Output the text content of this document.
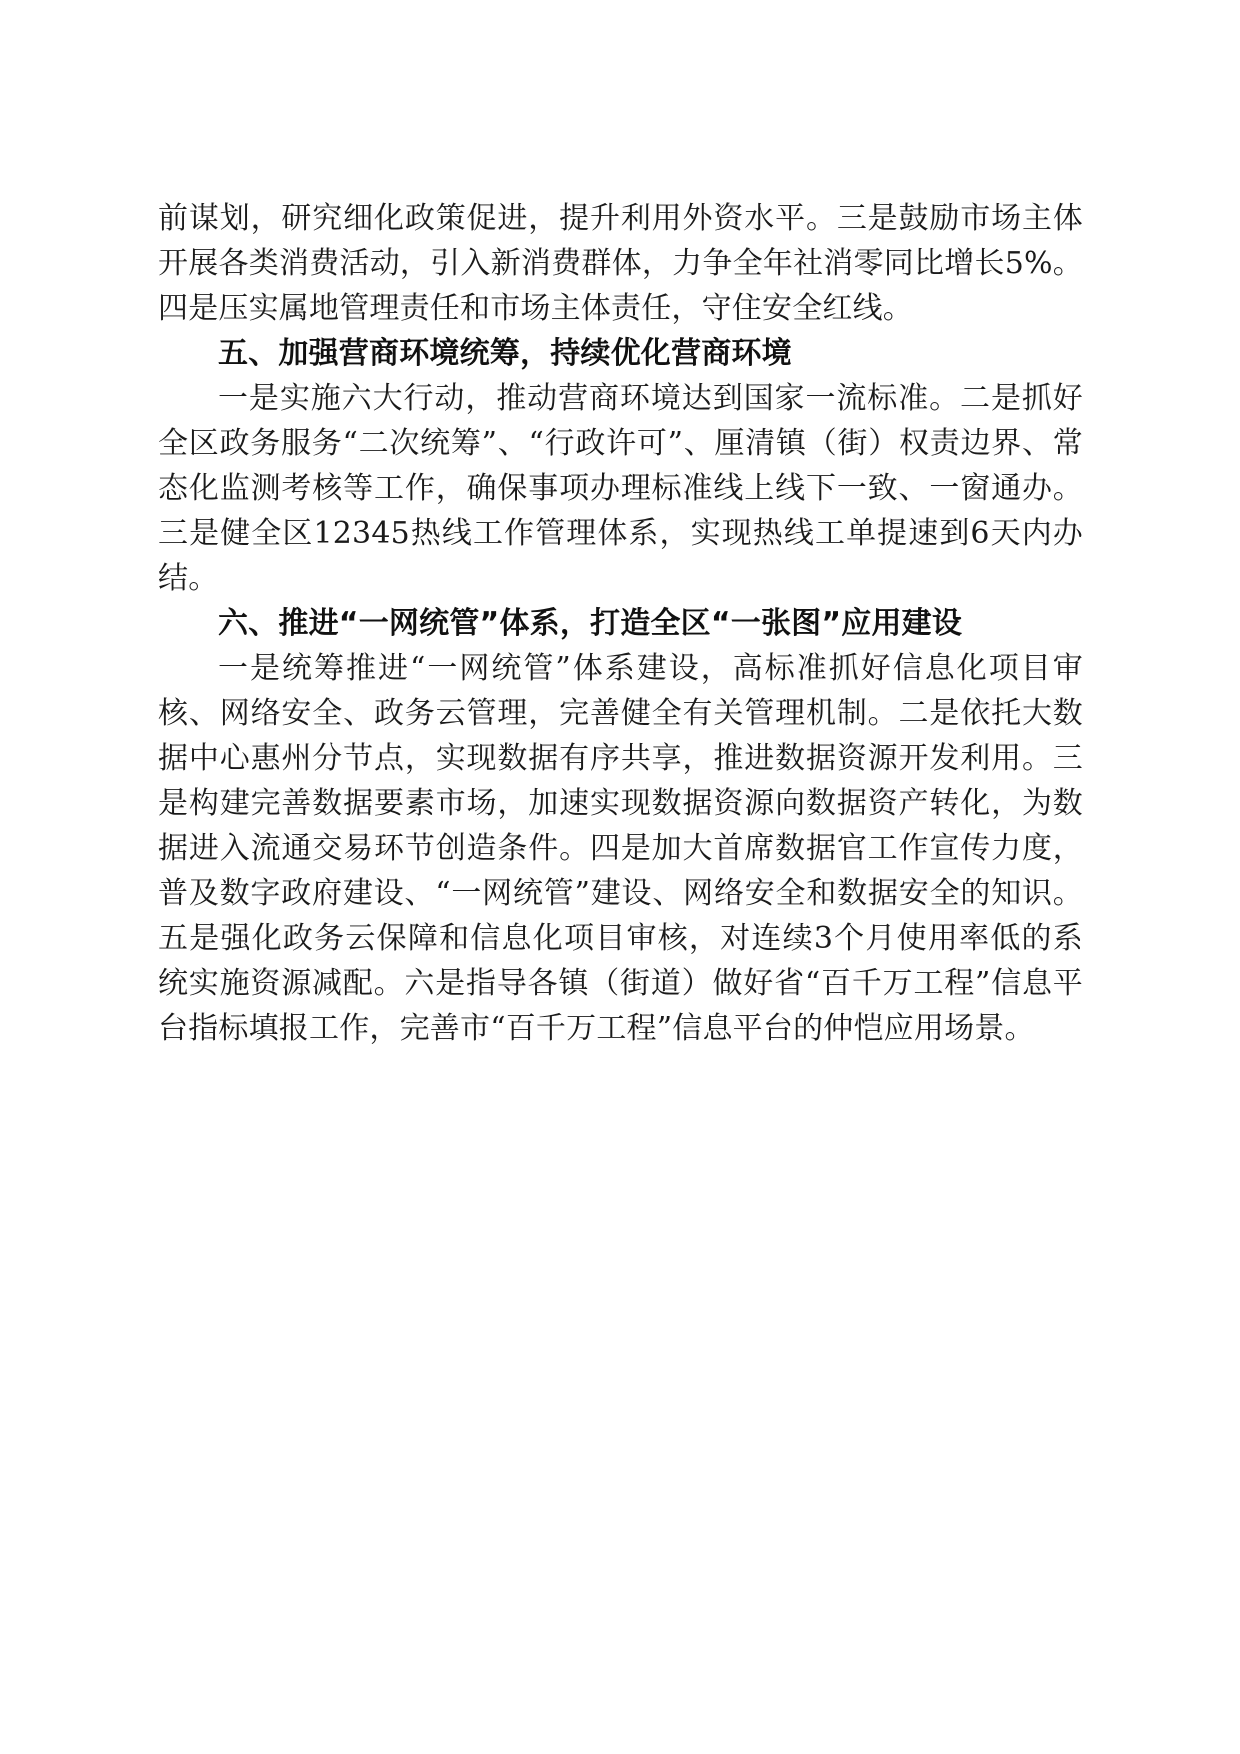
前谋划，研究细化政策促进，提升利用外资水平。三是鼓励市场主体开展各类消费活动，引入新消费群体，力争全年社消零同比增长5%。四是压实属地管理责任和市场主体责任，守住安全红线。

五、加强营商环境统筹，持续优化营商环境

一是实施六大行动，推动营商环境达到国家一流标准。二是抓好全区政务服务“二次统筹”、“行政许可”、厘清镇（街）权责边界、常态化监测考核等工作，确保事项办理标准线上线下一致、一窗通办。三是健全区12345热线工作管理体系，实现热线工单提速到6天内办结。

六、推进“一网统管”体系，打造全区“一张图”应用建设

一是统筹推进“一网统管”体系建设，高标准抓好信息化项目审核、网络安全、政务云管理，完善健全有关管理机制。二是依托大数据中心惠州分节点，实现数据有序共享，推进数据资源开发利用。三是构建完善数据要素市场，加速实现数据资源向数据资产转化，为数据进入流通交易环节创造条件。四是加大首席数据官工作宣传力度，普及数字政府建设、“一网统管”建设、网络安全和数据安全的知识。五是强化政务云保障和信息化项目审核，对连续3个月使用率低的系统实施资源减配。六是指导各镇（街道）做好省“百千万工程”信息平台指标填报工作，完善市“百千万工程”信息平台的仲恺应用场景。
